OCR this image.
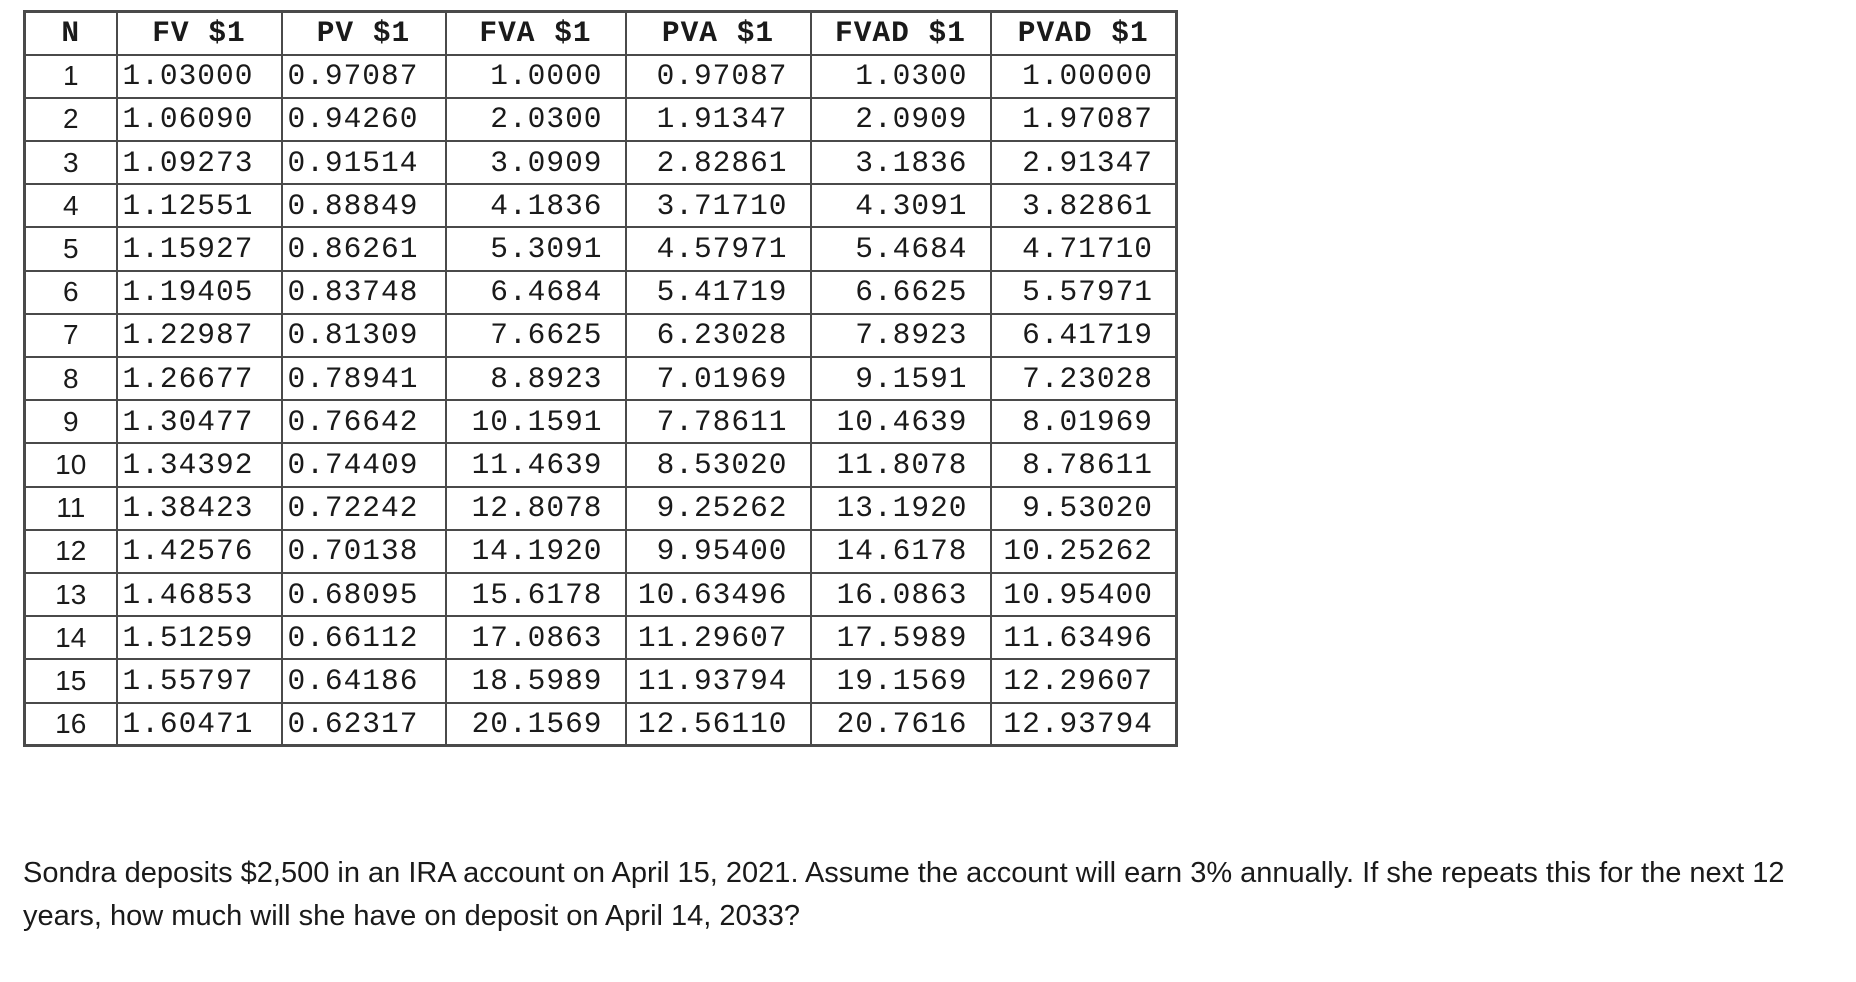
N	FV $1	PV $1	FVA $1	PVA $1	FVAD $1	PVAD $1
1	1.03000	0.97087	1.0000	0.97087	1.0300	1.00000
2	1.06090	0.94260	2.0300	1.91347	2.0909	1.97087
3	1.09273	0.91514	3.0909	2.82861	3.1836	2.91347
4	1.12551	0.88849	4.1836	3.71710	4.3091	3.82861
5	1.15927	0.86261	5.3091	4.57971	5.4684	4.71710
6	1.19405	0.83748	6.4684	5.41719	6.6625	5.57971
7	1.22987	0.81309	7.6625	6.23028	7.8923	6.41719
8	1.26677	0.78941	8.8923	7.01969	9.1591	7.23028
9	1.30477	0.76642	10.1591	7.78611	10.4639	8.01969
10	1.34392	0.74409	11.4639	8.53020	11.8078	8.78611
11	1.38423	0.72242	12.8078	9.25262	13.1920	9.53020
12	1.42576	0.70138	14.1920	9.95400	14.6178	10.25262
13	1.46853	0.68095	15.6178	10.63496	16.0863	10.95400
14	1.51259	0.66112	17.0863	11.29607	17.5989	11.63496
15	1.55797	0.64186	18.5989	11.93794	19.1569	12.29607
16	1.60471	0.62317	20.1569	12.56110	20.7616	12.93794

Sondra deposits $2,500 in an IRA account on April 15, 2021. Assume the account will earn 3% annually. If she repeats this for the next 12 years, how much will she have on deposit on April 14, 2033?
